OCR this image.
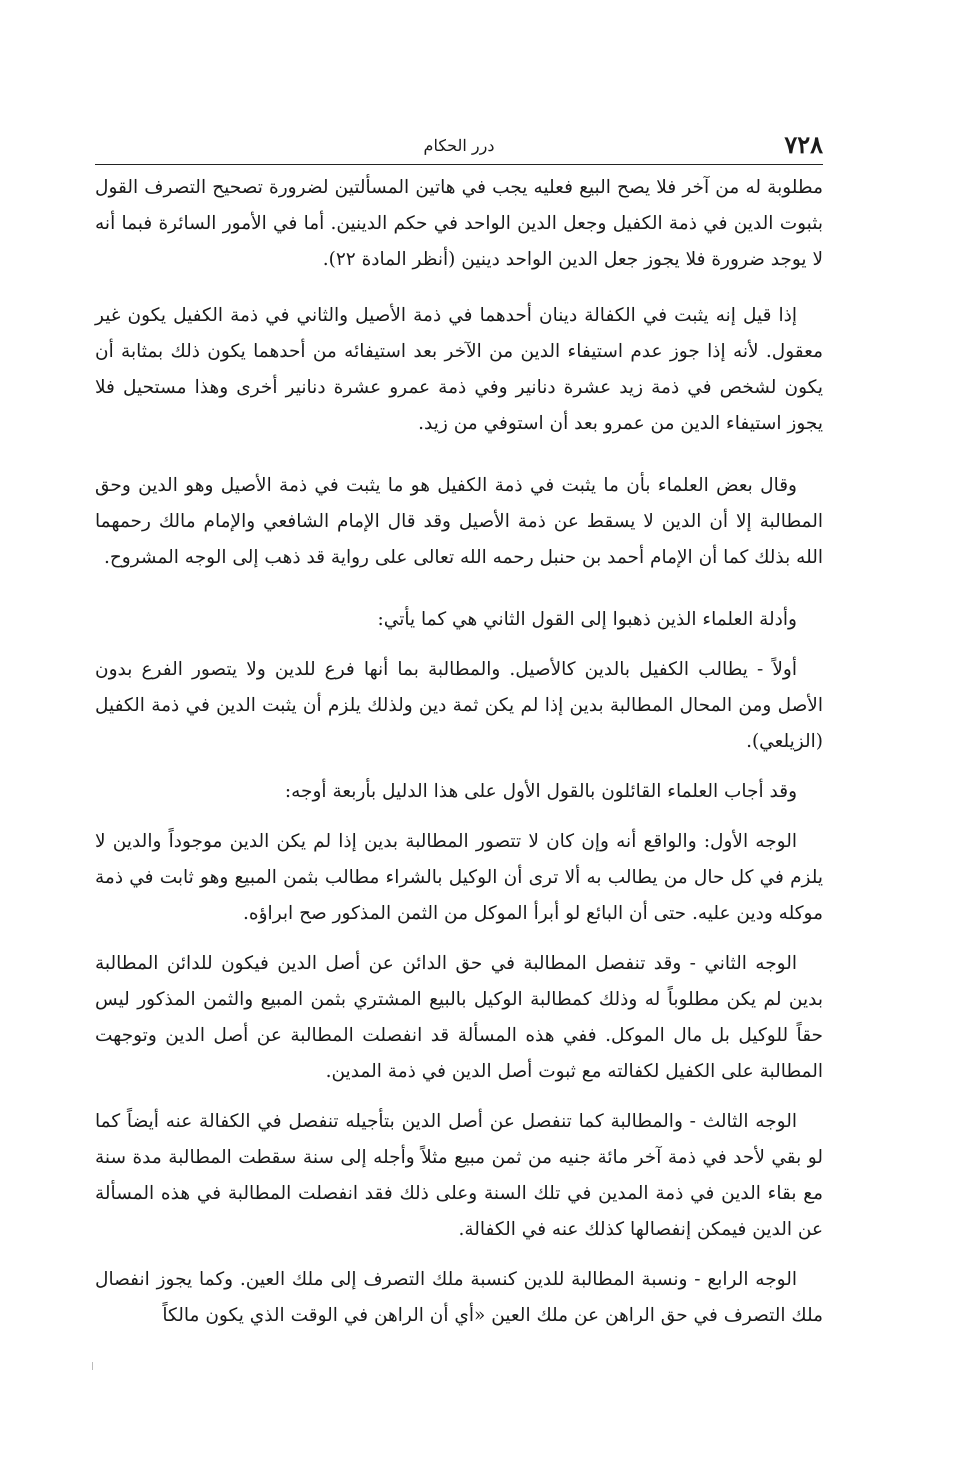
٧٢٨
درر الحكام

مطلوبة له من آخر فلا يصح البيع فعليه يجب في هاتين المسألتين لضرورة تصحيح التصرف القول بثبوت الدين في ذمة الكفيل وجعل الدين الواحد في حكم الدينين. أما في الأمور السائرة فبما أنه لا يوجد ضرورة فلا يجوز جعل الدين الواحد دينين (أنظر المادة ٢٢).

إذا قيل إنه يثبت في الكفالة دينان أحدهما في ذمة الأصيل والثاني في ذمة الكفيل يكون غير معقول. لأنه إذا جوز عدم استيفاء الدين من الآخر بعد استيفائه من أحدهما يكون ذلك بمثابة أن يكون لشخص في ذمة زيد عشرة دنانير وفي ذمة عمرو عشرة دنانير أخرى وهذا مستحيل فلا يجوز استيفاء الدين من عمرو بعد أن استوفي من زيد.

وقال بعض العلماء بأن ما يثبت في ذمة الكفيل هو ما يثبت في ذمة الأصيل وهو الدين وحق المطالبة إلا أن الدين لا يسقط عن ذمة الأصيل وقد قال الإمام الشافعي والإمام مالك رحمهما الله بذلك كما أن الإمام أحمد بن حنبل رحمه الله تعالى على رواية قد ذهب إلى الوجه المشروح.

وأدلة العلماء الذين ذهبوا إلى القول الثاني هي كما يأتي:

أولاً - يطالب الكفيل بالدين كالأصيل. والمطالبة بما أنها فرع للدين ولا يتصور الفرع بدون الأصل ومن المحال المطالبة بدين إذا لم يكن ثمة دين ولذلك يلزم أن يثبت الدين في ذمة الكفيل (الزيلعي).

وقد أجاب العلماء القائلون بالقول الأول على هذا الدليل بأربعة أوجه:

الوجه الأول: والواقع أنه وإن كان لا تتصور المطالبة بدين إذا لم يكن الدين موجوداً والدين لا يلزم في كل حال من يطالب به ألا ترى أن الوكيل بالشراء مطالب بثمن المبيع وهو ثابت في ذمة موكله ودين عليه. حتى أن البائع لو أبرأ الموكل من الثمن المذكور صح ابراؤه.

الوجه الثاني - وقد تنفصل المطالبة في حق الدائن عن أصل الدين فيكون للدائن المطالبة بدين لم يكن مطلوباً له وذلك كمطالبة الوكيل بالبيع المشتري بثمن المبيع والثمن المذكور ليس حقاً للوكيل بل مال الموكل. ففي هذه المسألة قد انفصلت المطالبة عن أصل الدين وتوجهت المطالبة على الكفيل لكفالته مع ثبوت أصل الدين في ذمة المدين.

الوجه الثالث - والمطالبة كما تنفصل عن أصل الدين بتأجيله تنفصل في الكفالة عنه أيضاً كما لو بقي لأحد في ذمة آخر مائة جنيه من ثمن مبيع مثلاً وأجله إلى سنة سقطت المطالبة مدة سنة مع بقاء الدين في ذمة المدين في تلك السنة وعلى ذلك فقد انفصلت المطالبة في هذه المسألة عن الدين فيمكن إنفصالها كذلك عنه في الكفالة.

الوجه الرابع - ونسبة المطالبة للدين كنسبة ملك التصرف إلى ملك العين. وكما يجوز انفصال ملك التصرف في حق الراهن عن ملك العين «أي أن الراهن في الوقت الذي يكون مالكاً
